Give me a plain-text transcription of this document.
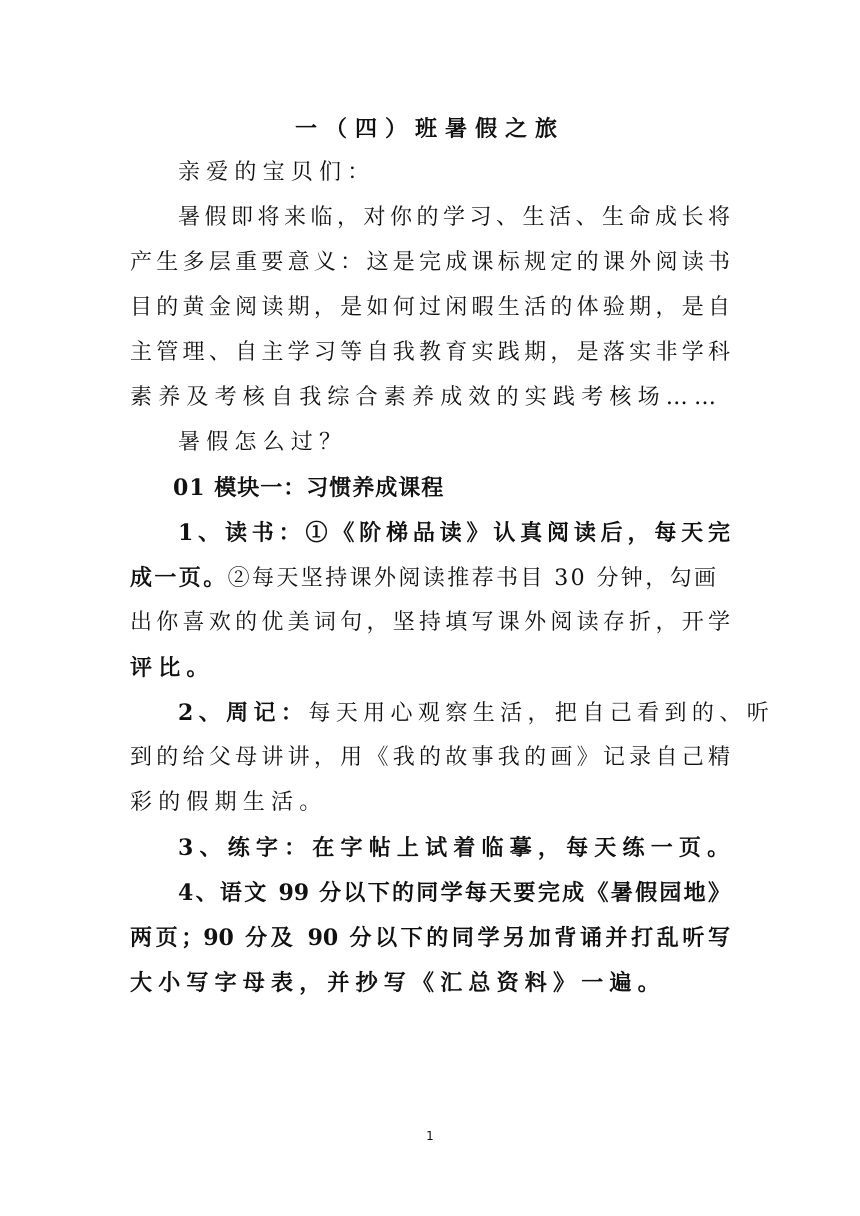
一（四）班暑假之旅
亲爱的宝贝们：
暑假即将来临，对你的学习、生活、生命成长将
产生多层重要意义：这是完成课标规定的课外阅读书
目的黄金阅读期，是如何过闲暇生活的体验期，是自
主管理、自主学习等自我教育实践期，是落实非学科
素养及考核自我综合素养成效的实践考核场……
暑假怎么过？
01 模块一：习惯养成课程
1、读书：①《阶梯品读》认真阅读后，每天完
成一页。②每天坚持课外阅读推荐书目 30 分钟，勾画
出你喜欢的优美词句，坚持填写课外阅读存折，开学
评比。
2、周记：每天用心观察生活，把自己看到的、听
到的给父母讲讲，用《我的故事我的画》记录自己精
彩的假期生活。
3、练字：在字帖上试着临摹，每天练一页。
4、语文 99 分以下的同学每天要完成《暑假园地》
两页；90 分及 90 分以下的同学另加背诵并打乱听写
大小写字母表，并抄写《汇总资料》一遍。
1
